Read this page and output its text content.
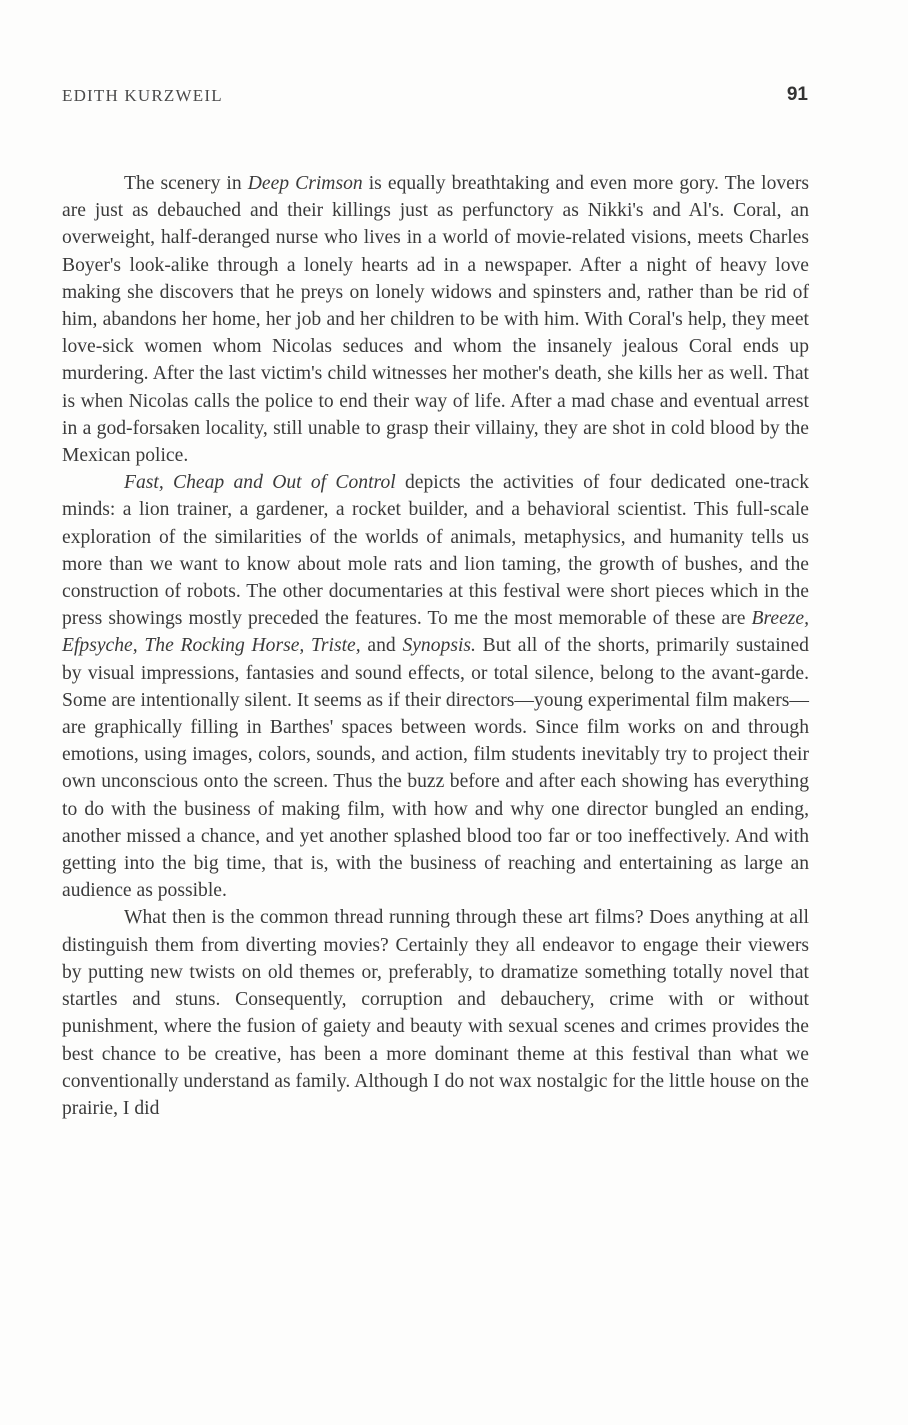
EDITH KURZWEIL	91

The scenery in Deep Crimson is equally breathtaking and even more gory. The lovers are just as debauched and their killings just as perfunctory as Nikki's and Al's. Coral, an overweight, half-deranged nurse who lives in a world of movie-related visions, meets Charles Boyer's look-alike through a lonely hearts ad in a newspaper. After a night of heavy love making she discovers that he preys on lonely widows and spinsters and, rather than be rid of him, abandons her home, her job and her children to be with him. With Coral's help, they meet love-sick women whom Nicolas seduces and whom the insanely jealous Coral ends up murdering. After the last victim's child witnesses her mother's death, she kills her as well. That is when Nicolas calls the police to end their way of life. After a mad chase and eventual arrest in a god-forsaken locality, still unable to grasp their villainy, they are shot in cold blood by the Mexican police.

Fast, Cheap and Out of Control depicts the activities of four dedicated one-track minds: a lion trainer, a gardener, a rocket builder, and a behavioral scientist. This full-scale exploration of the similarities of the worlds of animals, metaphysics, and humanity tells us more than we want to know about mole rats and lion taming, the growth of bushes, and the construction of robots. The other documentaries at this festival were short pieces which in the press showings mostly preceded the features. To me the most memorable of these are Breeze, Efpsyche, The Rocking Horse, Triste, and Synopsis. But all of the shorts, primarily sustained by visual impressions, fantasies and sound effects, or total silence, belong to the avant-garde. Some are intentionally silent. It seems as if their directors—young experimental film makers—are graphically filling in Barthes' spaces between words. Since film works on and through emotions, using images, colors, sounds, and action, film students inevitably try to project their own unconscious onto the screen. Thus the buzz before and after each showing has everything to do with the business of making film, with how and why one director bungled an ending, another missed a chance, and yet another splashed blood too far or too ineffectively. And with getting into the big time, that is, with the business of reaching and entertaining as large an audience as possible.

What then is the common thread running through these art films? Does anything at all distinguish them from diverting movies? Certainly they all endeavor to engage their viewers by putting new twists on old themes or, preferably, to dramatize something totally novel that startles and stuns. Consequently, corruption and debauchery, crime with or without punishment, where the fusion of gaiety and beauty with sexual scenes and crimes provides the best chance to be creative, has been a more dominant theme at this festival than what we conventionally understand as family. Although I do not wax nostalgic for the little house on the prairie, I did
